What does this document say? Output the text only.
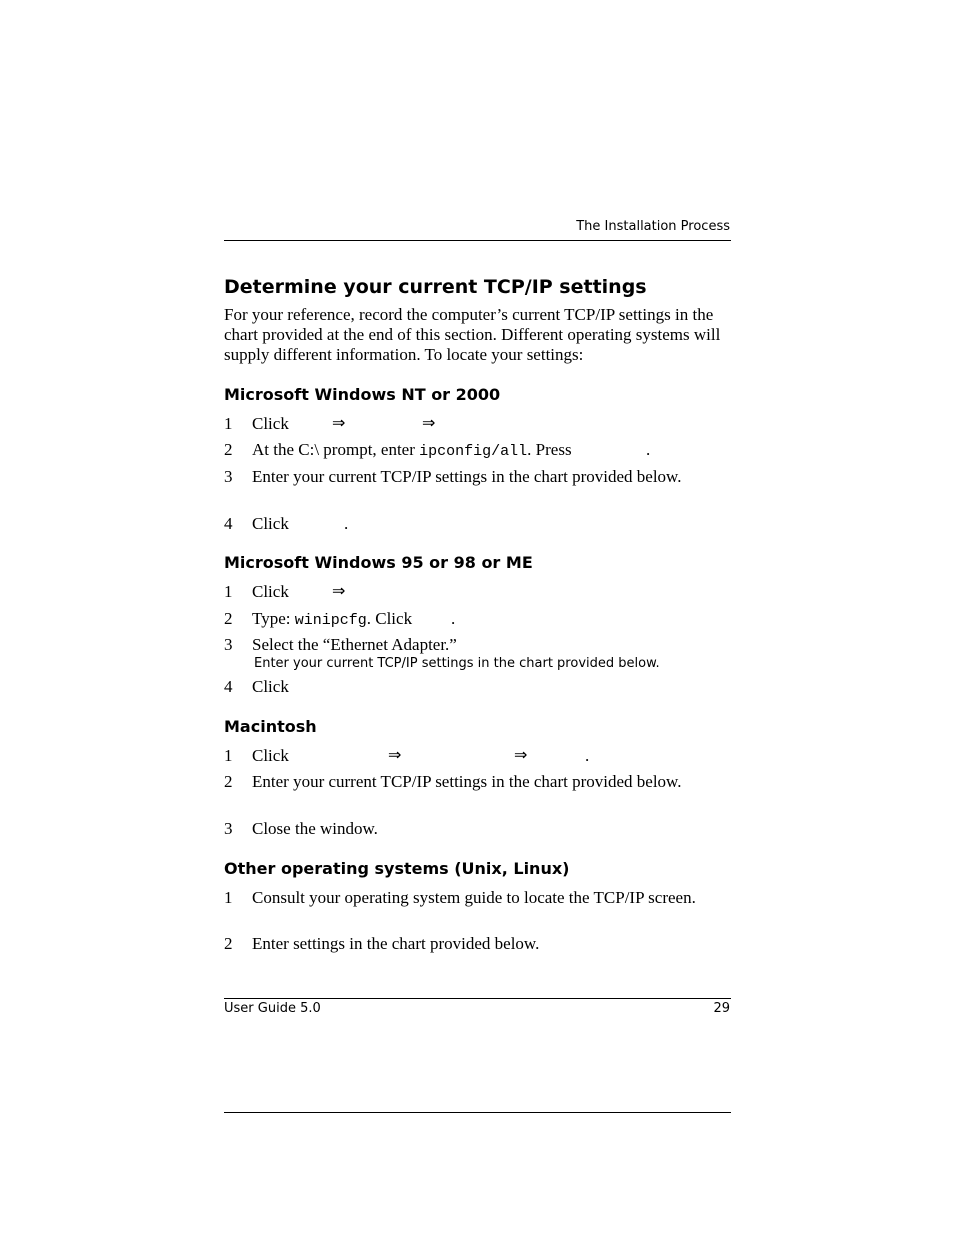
The Installation Process
Determine your current TCP/IP settings
For your reference, record the computer’s current TCP/IP settings in the chart provided at the end of this section. Different operating systems will supply different information. To locate your settings:
Microsoft Windows NT or 2000
1	Click	⇒	⇒
2	At the C:\ prompt, enter ipconfig/all. Press	.
3	Enter your current TCP/IP settings in the chart provided below.
4	Click	.
Microsoft Windows 95 or 98 or ME
1	Click	⇒
2	Type: winipcfg. Click .
3	Select the “Ethernet Adapter.”
Enter your current TCP/IP settings in the chart provided below.
4	Click
Macintosh
1	Click	⇒	⇒	.
2	Enter your current TCP/IP settings in the chart provided below.
3	Close the window.
Other operating systems (Unix, Linux)
1	Consult your operating system guide to locate the TCP/IP screen.
2	Enter settings in the chart provided below.
User Guide 5.0	29
